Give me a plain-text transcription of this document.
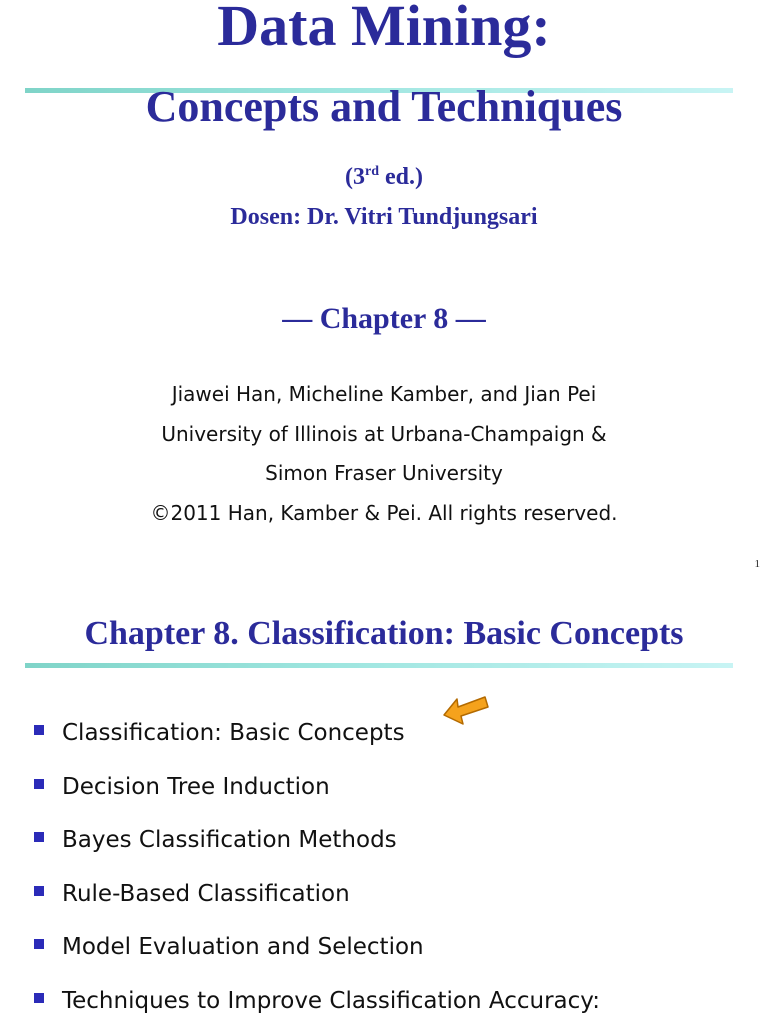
Data Mining:
Concepts and Techniques
(3rd ed.)
Dosen: Dr. Vitri Tundjungsari
— Chapter 8 —
Jiawei Han, Micheline Kamber, and Jian Pei
University of Illinois at Urbana-Champaign &
Simon Fraser University
©2011 Han, Kamber & Pei. All rights reserved.
1
Chapter 8. Classification: Basic Concepts
Classification: Basic Concepts
Decision Tree Induction
Bayes Classification Methods
Rule-Based Classification
Model Evaluation and Selection
Techniques to Improve Classification Accuracy:
